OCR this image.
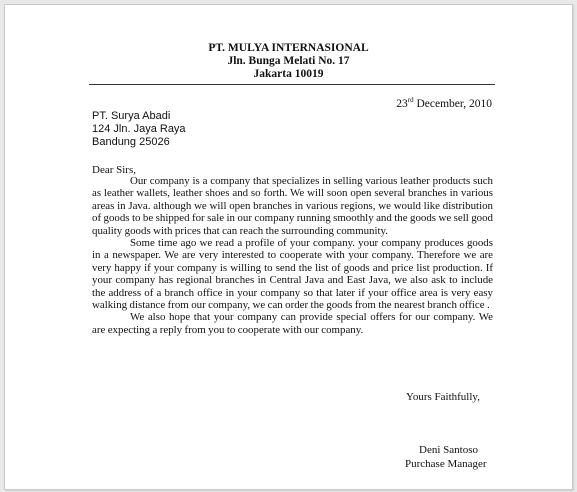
PT. MULYA INTERNASIONAL
Jln. Bunga Melati No. 17
Jakarta 10019
23rd December, 2010
PT. Surya Abadi
124 Jln. Jaya Raya
Bandung 25026
Dear Sirs,

Our company is a company that specializes in selling various leather products such as leather wallets, leather shoes and so forth. We will soon open several branches in various areas in Java. although we will open branches in various regions, we would like distribution of goods to be shipped for sale in our company running smoothly and the goods we sell good quality goods with prices that can reach the surrounding community.

Some time ago we read a profile of your company. your company produces goods in a newspaper. We are very interested to cooperate with your company. Therefore we are very happy if your company is willing to send the list of goods and price list production. If your company has regional branches in Central Java and East Java, we also ask to include the address of a branch office in your company so that later if your office area is very easy walking distance from our company, we can order the goods from the nearest branch office .

We also hope that your company can provide special offers for our company. We are expecting a reply from you to cooperate with our company.

Yours Faithfully,
Deni Santoso
Purchase Manager
